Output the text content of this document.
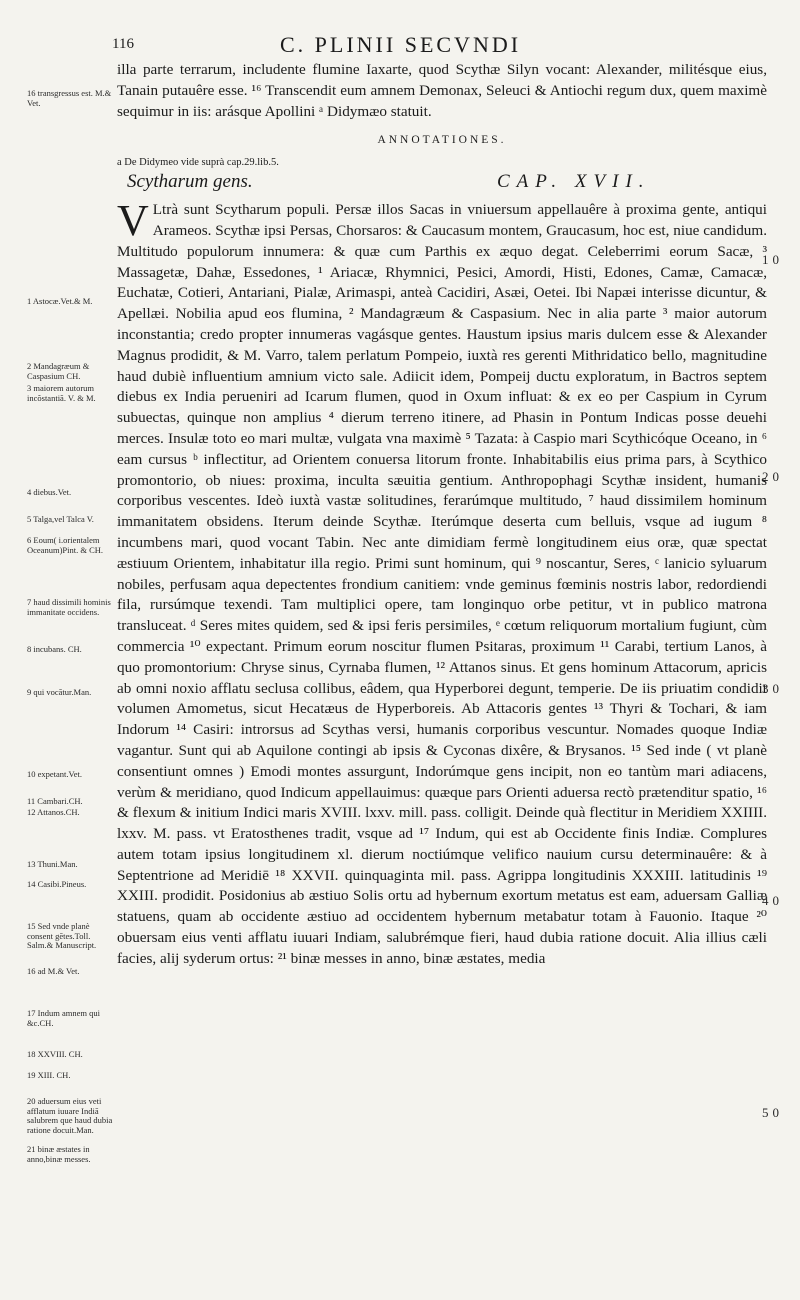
116	C. PLINII SECVNDI
16 transgressus est. M.& Vet.
1 Astocæ.Vet.& M.
2 Mandagræum & Caspasium CH.
3 maiorem autorum incõstantiã. V. & M.
4 diebus.Vet.
5 Talga,vel Talca V.
6 Eoum( i.orientalem Oceanum)Pint. & CH.
7 haud dissimili hominis immanitate occidens.
8 incubans. CH.
9 qui vocātur.Man.
10 expetant.Vet.
11 Cambari.CH.
12 Attanos.CH.
13 Thuni.Man.
14 Casibi.Pineus.
15 Sed vnde planè consent gētes.Toll. Salm.& Manuscript.
16 ad M.& Vet.
17 Indum amnem qui &c.CH.
18 XXVIII. CH.
19 XIII. CH.
20 aduersum eius veti afflatum iuuare Indiā salubrem que haud dubia ratione docuit.Man.
21 binæ æstates in anno,binæ messes.

illa parte terrarum, includente flumine Iaxarte, quod Scythæ Silyn vocant: Alexander, militésque eius, Tanain putauêre esse. ¹⁶ Transcendit eum amnem Demonax, Seleuci & Antiochi regum dux, quem maximè sequimur in iis: arásque Apollini ᵃ Didymæo statuit.

ANNOTATIONES.

a De Didymeo vide suprà cap.29.lib.5.

Scytharum gens.	CAP. XVII.

V Ltrà sunt Scytharum populi. Persæ illos Sacas in vniuersum appellauêre à proxima gente, antiqui Arameos. Scythæ ipsi Persas, Chorsaros: & Caucasum montem, Graucasum, hoc est, niue candidum. Multitudo populorum innumera: & quæ cum Parthis ex æquo degat. Celeberrimi eorum Sacæ, ³ Massagetæ, Dahæ, Essedones, ¹ Ariacæ, Rhymnici, Pesici, Amordi, Histi, Edones, Camæ, Camacæ, Euchatæ, Cotieri, Antariani, Pialæ, Arimaspi, anteà Cacidiri, Asæi, Oetei. Ibi Napæi interisse dicuntur, & Apellæi. Nobilia apud eos flumina, ² Mandagræum & Caspasium. Nec in alia parte ³ maior autorum inconstantia; credo propter innumeras vagásque gentes. Haustum ipsius maris dulcem esse & Alexander Magnus prodidit, & M. Varro, talem perlatum Pompeio, iuxtà res gerenti Mithridatico bello, magnitudine haud dubiè influentium amnium victo sale. Adiicit idem, Pompeij ductu exploratum, in Bactros septem diebus ex India perueniri ad Icarum flumen, quod in Oxum influat: & ex eo per Caspium in Cyrum subuectas, quinque non amplius ⁴ dierum terreno itinere, ad Phasin in Pontum Indicas posse deuehi merces. Insulæ toto eo mari multæ, vulgata vna maximè ⁵ Tazata: à Caspio mari Scythicóque Oceano, in ⁶ eam cursus ᵇ inflectitur, ad Orientem conuersa litorum fronte. Inhabitabilis eius prima pars, à Scythico promontorio, ob niues: proxima, inculta sæuitia gentium. Anthropophagi Scythæ insident, humanis corporibus vescentes. Ideò iuxtà vastæ solitudines, ferarúmque multitudo, ⁷ haud dissimilem hominum immanitatem obsidens. Iterum deinde Scythæ. Iterúmque deserta cum belluis, vsque ad iugum ⁸ incumbens mari, quod vocant Tabin. Nec ante dimidiam fermè longitudinem eius oræ, quæ spectat æstiuum Orientem, inhabitatur illa regio. Primi sunt hominum, qui ⁹ noscantur, Seres, ᶜ lanicio syluarum nobiles, perfusam aqua depectentes frondium canitiem: vnde geminus fœminis nostris labor, redordiendi fila, rursúmque texendi. Tam multiplici opere, tam longinquo orbe petitur, vt in publico matrona transluceat. ᵈ Seres mites quidem, sed & ipsi feris persimiles, ᵉ cœtum reliquorum mortalium fugiunt, cùm commercia ¹⁰ expectant. Primum eorum noscitur flumen Psitaras, proximum ¹¹ Carabi, tertium Lanos, à quo promontorium: Chryse sinus, Cyrnaba flumen, ¹² Attanos sinus. Et gens hominum Attacorum, apricis ab omni noxio afflatu seclusa collibus, eâdem, qua Hyperborei degunt, temperie. De iis priuatim condidit volumen Amometus, sicut Hecatæus de Hyperboreis. Ab Attacoris gentes ¹³ Thyri & Tochari, & iam Indorum ¹⁴ Casiri: introrsus ad Scythas versi, humanis corporibus vescuntur. Nomades quoque Indiæ vagantur. Sunt qui ab Aquilone contingi ab ipsis & Cyconas dixêre, & Brysanos. ¹⁵ Sed inde ( vt planè consentiunt omnes ) Emodi montes assurgunt, Indorúmque gens incipit, non eo tantùm mari adiacens, verùm & meridiano, quod Indicum appellauimus: quæque pars Orienti aduersa rectò prætenditur spatio, ¹⁶ & flexum & initium Indici maris XVIII. lxxv. mill. pass. colligit. Deinde quà flectitur in Meridiem XXIIII. lxxv. M. pass. vt Eratosthenes tradit, vsque ad ¹⁷ Indum, qui est ab Occidente finis Indiæ. Complures autem totam ipsius longitudinem xl. dierum noctiúmque velifico nauium cursu determinauêre: & à Septentrione ad Meridiē ¹⁸ XXVII. quinquaginta mil. pass. Agrippa longitudinis XXXIII. latitudinis ¹⁹ XXIII. prodidit. Posidonius ab æstiuo Solis ortu ad hybernum exortum metatus est eam, aduersam Galliæ statuens, quam ab occidente æstiuo ad occidentem hybernum metabatur totam à Fauonio. Itaque ²⁰ obuersam eius venti afflatu iuuari Indiam, salubrémque fieri, haud dubia ratione docuit. Alia illius cæli facies, alij syderum ortus: ²¹ binæ messes in anno, binæ æstates, media

10
20
30
40
50
